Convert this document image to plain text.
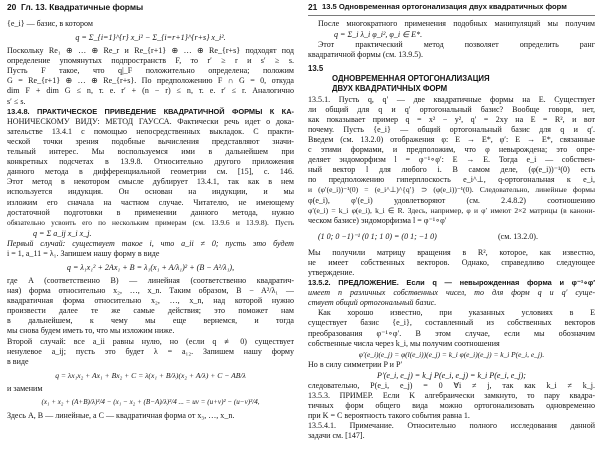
20 Гл. 13. Квадратичные формы
{e_i} — базис, в котором
q = Σ_{i=1}^{r} x_i² − Σ_{i=r+1}^{r+s} x_i².
Поскольку Re₁ ⊕ … ⊕ Re_r и Re_{r+1} ⊕ … ⊕ Re_{r+s} подходят под
определение упомянутых подпространств F, то r′ ≥ r и s′ ≥ s.
Пусть F такое, что q|_F положительно определена; положим
G = Re_{r+1} ⊕ … ⊕ Re_{r+s}. По предположению F ∩ G = 0, откуда
dim F + dim G ≤ n, т. е. r′ + (n − r) ≤ n, т. е. r′ ≤ r. Аналогично
s′ ≤ s.
13.4.8. ПРАКТИЧЕСКОЕ ПРИВЕДЕНИЕ КВАДРАТИЧНОЙ ФОРМЫ К КА-
НОНИЧЕСКОМУ ВИДУ: МЕТОД ГАУССА. Фактически речь идет о дока-
зательстве 13.4.1 с помощью непосредственных выкладок. С практи-
ческой точки зрения подобные вычисления представляют значи-
тельный интерес. Мы воспользуемся ими в дальнейшем при
конкретных подсчетах в 13.9.8. Относительно другого приложения
данного метода в дифференциальной геометрии см. [15], с. 146.
Этот метод в некотором смысле дублирует 13.4.1, так как в нем
используется индукция. Он основан на индукции, и мы
изложим его сначала на частном случае. Читателю, не имеющему
достаточной подготовки в применении данного метода, нужно
обязательно усвоить его по нескольким примерам (см. 13.9.6 и 13.9.8). Пусть
q = Σ a_ij x_i x_j.
Первый случай: существует такое i, что a_ii ≠ 0; пусть это будет
i = 1, a_11 = λ₁. Запишем нашу форму в виде
q = λ₁x₁² + 2Ax₁ + B = λ₁(x₁ + A/λ₁)² + (B − A²/λ₁),
где A (соответственно B) — линейная (соответственно квадратич-
ная) форма относительно x₂, …, x_n. Таким образом, B − A²/λ₁ —
квадратичная форма относительно x₂, …, x_n, над которой нужно
произвести далее те же самые действия; это поможет нам
в дальнейшем, к чему мы еще вернемся, и тогда
мы снова будем иметь то, что мы изложим ниже.
Второй случай: все a_ii равны нулю, но (если q ≢ 0) существует
ненулевое a_ij; пусть это будет λ = a₁₂. Запишем нашу форму
в виде
q = λx₁x₂ + Ax₁ + Bx₂ + C = λ(x₁ + B/λ)(x₂ + A/λ) + C − AB/λ
и заменим
(x₁ + x₂ + (A+B)/λ)²/4 − (x₁ − x₂ + (B−A)/λ)²/4 ... = uv = (u+v)² − (u−v)²/4,
Здесь A, B — линейные, а C — квадратичная форма от x₃, …, x_n.
21 13.5 Одновременная ортогонализация двух квадратичных форм
После многократного применения подобных манипуляций мы получим
q = Σ_i λ_i φ_i², φ_i ∈ E*.
Этот практический метод позволяет определить ранг
квадратичной формы (см. 13.9.5).
13.5
ОДНОВРЕМЕННАЯ ОРТОГОНАЛИЗАЦИЯ
ДВУХ КВАДРАТИЧНЫХ ФОРМ
13.5.1. Пусть q, q′ — две квадратичные формы на E. Существует
ли общий для q и q′ ортогональный базис? Вообще говоря, нет,
как показывает пример q = x² − y², q′ = 2xy на E = R², и вот
почему. Пусть {e_i} — общий ортогональный базис для q и q′.
Введем (см. 13.2.0) отображения φ: E → E*, φ′: E → E*, связанные
с этими формами, и предположим, что φ невырождена; это опре-
деляет эндоморфизм l = φ⁻¹∘φ′: E → E. Тогда e_i — собствен-
ный вектор l для любого i. В самом деле, (φ(e_i))⁻¹(0) есть
по предположению гиперплоскость e_i^⊥, q-ортогональная к e_i,
и (φ′(e_i))⁻¹(0) = (e_i^⊥)^{q′} ⊃ (φ(e_i))⁻¹(0). Следовательно, линейные формы
φ(e_i), φ′(e_i) удовлетворяют (см. 2.4.8.2) соотношению
φ′(e_i) = k_i φ(e_i), k_i ∈ R. Здесь, например, φ и φ′ имеют 2×2 матрицы (в канони-
ческом базисе) эндоморфизма l = φ⁻¹∘φ′
(1 0; 0 −1)⁻¹ (0 1; 1 0) = (0 1; −1 0)	(см. 13.2.0).
Мы получили матрицу вращения в R², которое, как известно,
не имеет собственных векторов. Однако, справедливо следующее
утверждение.
13.5.2. ПРЕДЛОЖЕНИЕ. Если q — невырожденная форма и φ⁻¹∘φ′
имеет n различных собственных чисел, то для форм q и q′ суще-
ствует общий ортогональный базис.
Как хорошо известно, при указанных условиях в E
существует базис {e_i}, составленный из собственных векторов
преобразования φ⁻¹∘φ′. В этом случае, если мы обозначим
собственные числа через k_i, мы получим соотношения
φ′(e_i)(e_j) = φ(l(e_i))(e_j) = k_i φ(e_i)(e_j) = k_i P(e_i, e_j).
Но в силу симметрии P и P′
P′(e_i, e_j) = k_j P(e_i, e_j) = k_i P(e_i, e_j);
следовательно, P(e_i, e_j) = 0 ∀i ≠ j, так как k_i ≠ k_j.
13.5.3. ПРИМЕР. Если K алгебраически замкнуто, то пару квадра-
тичных форм общего вида можно ортогонализовать одновременно
при K = C вероятность такого события равна 1.
13.5.4.1. Примечание. Относительно полного исследования данной
задачи см. [147].
